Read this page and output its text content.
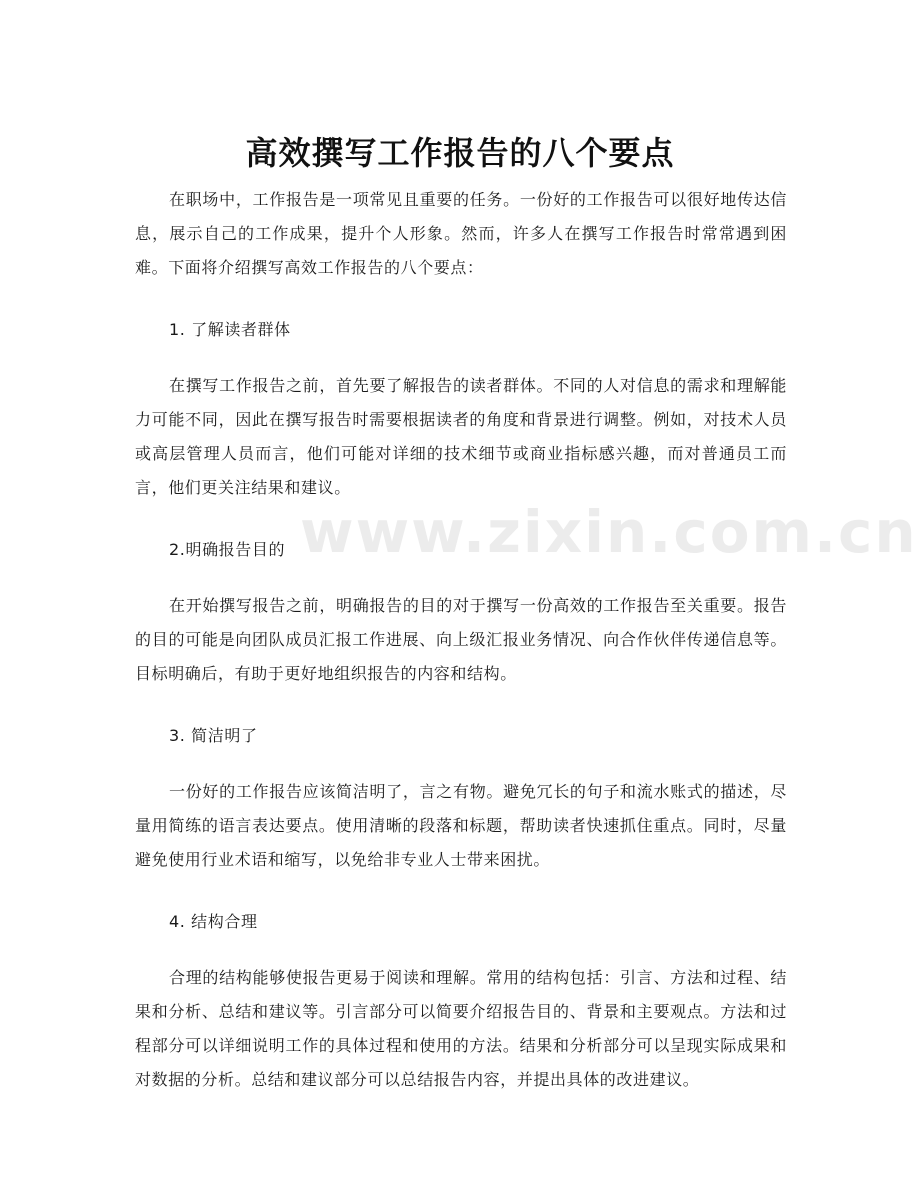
www.zixin.com.cn
高效撰写工作报告的八个要点

在职场中，工作报告是一项常见且重要的任务。一份好的工作报告可以很好地传达信息，展示自己的工作成果，提升个人形象。然而，许多人在撰写工作报告时常常遇到困难。下面将介绍撰写高效工作报告的八个要点：

1. 了解读者群体

在撰写工作报告之前，首先要了解报告的读者群体。不同的人对信息的需求和理解能力可能不同，因此在撰写报告时需要根据读者的角度和背景进行调整。例如，对技术人员或高层管理人员而言，他们可能对详细的技术细节或商业指标感兴趣，而对普通员工而言，他们更关注结果和建议。

2.明确报告目的

在开始撰写报告之前，明确报告的目的对于撰写一份高效的工作报告至关重要。报告的目的可能是向团队成员汇报工作进展、向上级汇报业务情况、向合作伙伴传递信息等。目标明确后，有助于更好地组织报告的内容和结构。

3. 简洁明了

一份好的工作报告应该简洁明了，言之有物。避免冗长的句子和流水账式的描述，尽量用简练的语言表达要点。使用清晰的段落和标题，帮助读者快速抓住重点。同时，尽量避免使用行业术语和缩写，以免给非专业人士带来困扰。

4. 结构合理

合理的结构能够使报告更易于阅读和理解。常用的结构包括：引言、方法和过程、结果和分析、总结和建议等。引言部分可以简要介绍报告目的、背景和主要观点。方法和过程部分可以详细说明工作的具体过程和使用的方法。结果和分析部分可以呈现实际成果和对数据的分析。总结和建议部分可以总结报告内容，并提出具体的改进建议。
